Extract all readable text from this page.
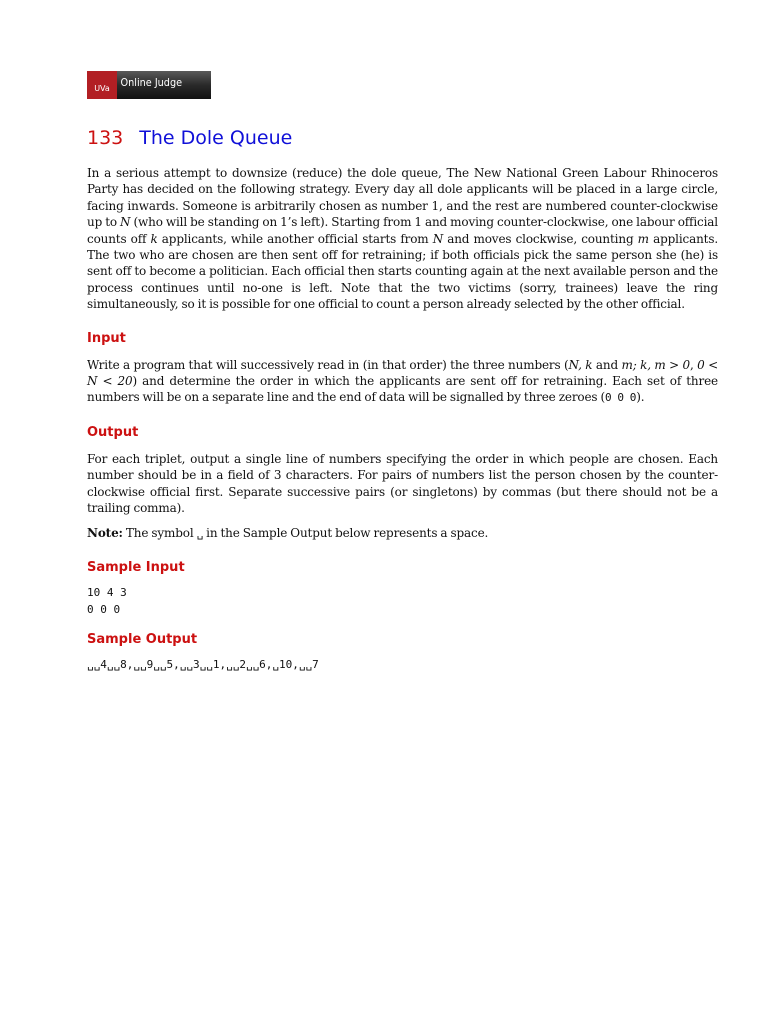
UVa Online Judge
133 The Dole Queue

In a serious attempt to downsize (reduce) the dole queue, The New National Green Labour Rhinoceros Party has decided on the following strategy. Every day all dole applicants will be placed in a large circle, facing inwards. Someone is arbitrarily chosen as number 1, and the rest are numbered counter-clockwise up to N (who will be standing on 1’s left). Starting from 1 and moving counter-clockwise, one labour official counts off k applicants, while another official starts from N and moves clockwise, counting m applicants. The two who are chosen are then sent off for retraining; if both officials pick the same person she (he) is sent off to become a politician. Each official then starts counting again at the next available person and the process continues until no-one is left. Note that the two victims (sorry, trainees) leave the ring simultaneously, so it is possible for one official to count a person already selected by the other official.

Input

Write a program that will successively read in (in that order) the three numbers (N, k and m; k, m > 0, 0 < N < 20) and determine the order in which the applicants are sent off for retraining. Each set of three numbers will be on a separate line and the end of data will be signalled by three zeroes (0 0 0).

Output

For each triplet, output a single line of numbers specifying the order in which people are chosen. Each number should be in a field of 3 characters. For pairs of numbers list the person chosen by the counter-clockwise official first. Separate successive pairs (or singletons) by commas (but there should not be a trailing comma).

Note: The symbol ␣ in the Sample Output below represents a space.

Sample Input
10 4 3
0 0 0
Sample Output
␣␣4␣␣8,␣␣9␣␣5,␣␣3␣␣1,␣␣2␣␣6,␣10,␣␣7
